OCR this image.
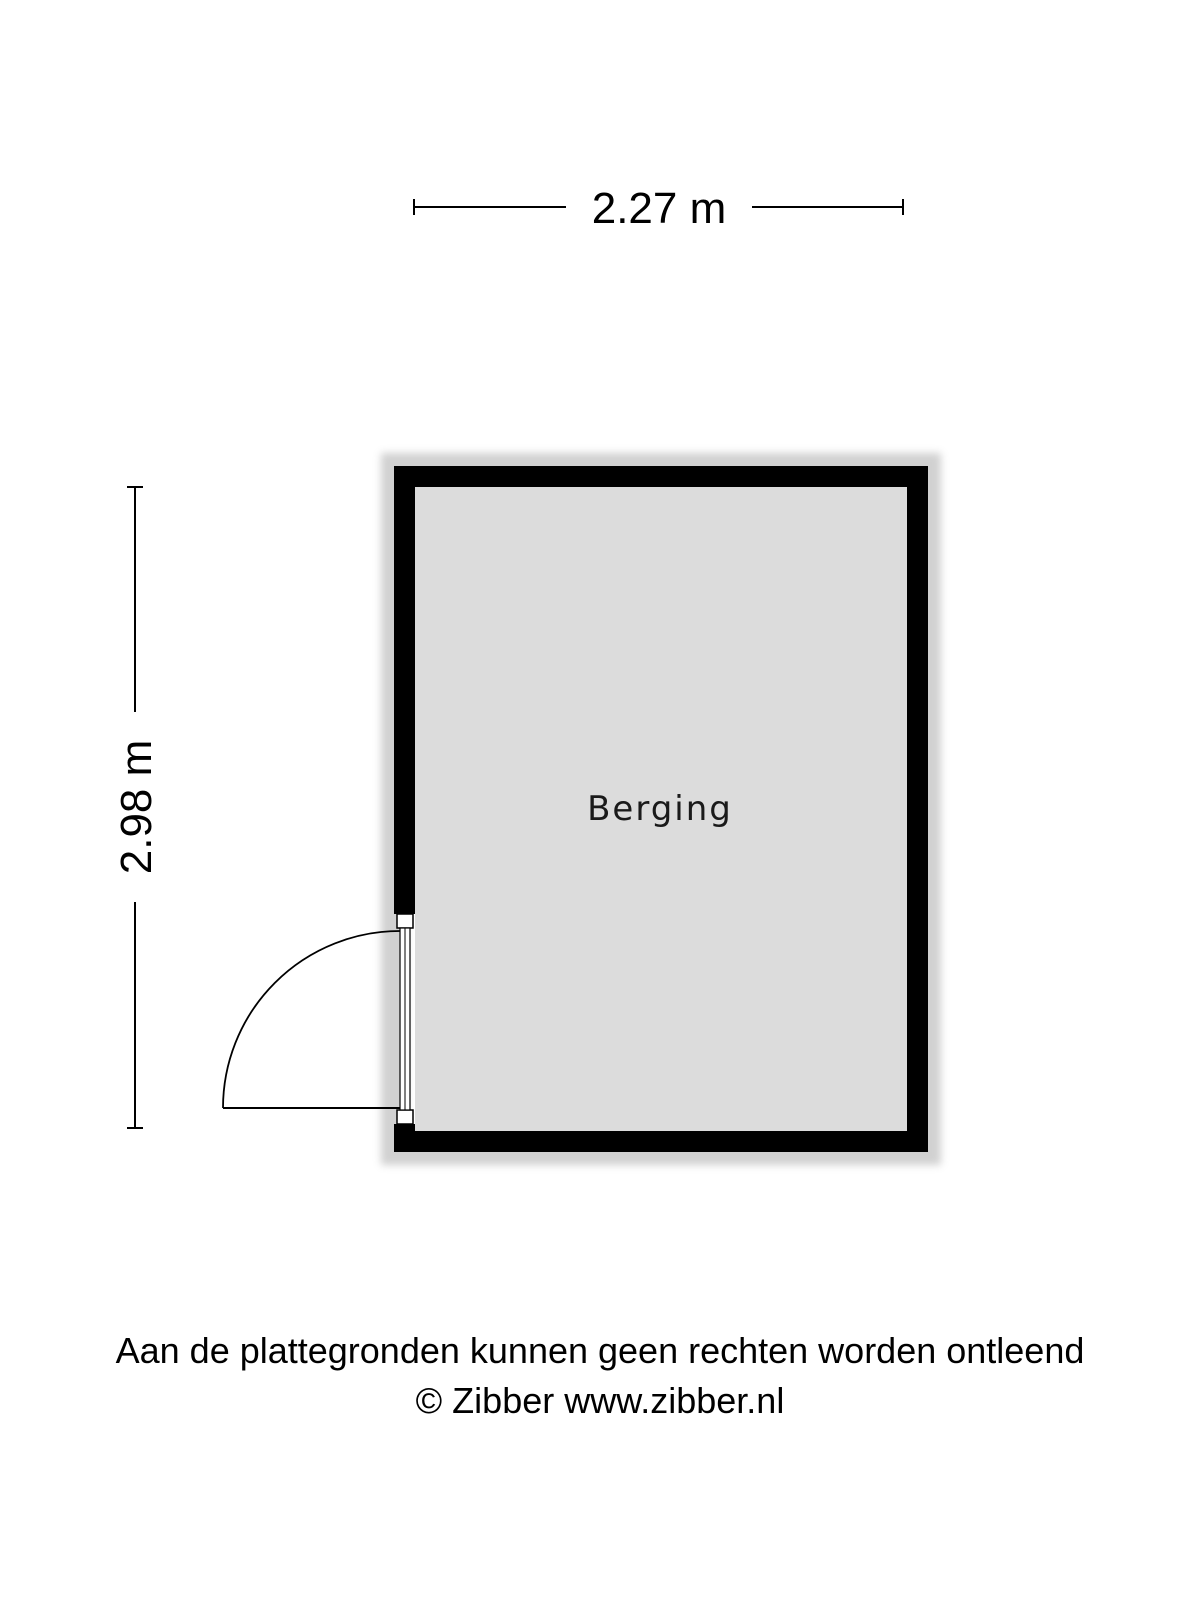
2.27 m
2.98 m	Berging
Aan de plattegronden kunnen geen rechten worden ontleend
© Zibber www.zibber.nl
